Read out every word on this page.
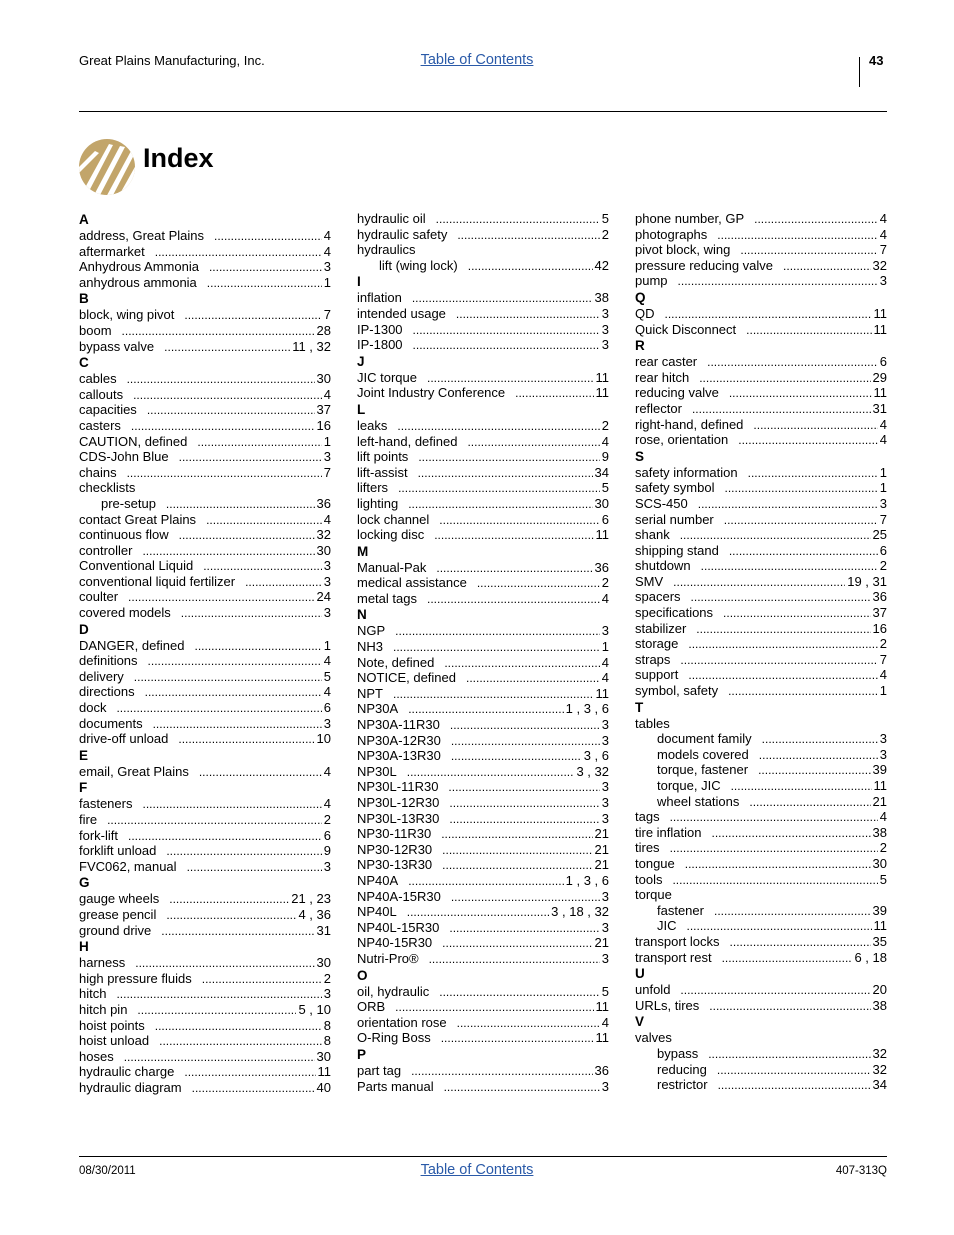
Great Plains Manufacturing, Inc.	Table of Contents	43
Index
A
address, Great Plains .....	4
aftermarket .....	4
Anhydrous Ammonia .....	3
anhydrous ammonia .....	1
B
block, wing pivot .....	7
boom .....	28
bypass valve .....	11 , 32
C
cables .....	30
callouts .....	4
capacities .....	37
casters .....	16
CAUTION, defined .....	1
CDS-John Blue .....	3
chains .....	7
checklists
pre-setup .....	36
contact Great Plains .....	4
continuous flow .....	32
controller .....	30
Conventional Liquid .....	3
conventional liquid fertilizer .....	3
coulter .....	24
covered models .....	3
D
DANGER, defined .....	1
definitions .....	4
delivery .....	5
directions .....	4
dock .....	6
documents .....	3
drive-off unload .....	10
E
email, Great Plains .....	4
F
fasteners .....	4
fire .....	2
fork-lift .....	6
forklift unload .....	9
FVC062, manual .....	3
G
gauge wheels .....	21 , 23
grease pencil .....	4 , 36
ground drive .....	31
H
harness .....	30
high pressure fluids .....	2
hitch .....	3
hitch pin .....	5 , 10
hoist points .....	8
hoist unload .....	8
hoses .....	30
hydraulic charge .....	11
hydraulic diagram .....	40
hydraulic oil .....	5
hydraulic safety .....	2
hydraulics
lift (wing lock) .....	42
I
inflation .....	38
intended usage .....	3
IP-1300 .....	3
IP-1800 .....	3
J
JIC torque .....	11
Joint Industry Conference .....	11
L
leaks .....	2
left-hand, defined .....	4
lift points .....	9
lift-assist .....	34
lifters .....	5
lighting .....	30
lock channel .....	6
locking disc .....	11
M
Manual-Pak .....	36
medical assistance .....	2
metal tags .....	4
N
NGP .....	3
NH3 .....	1
Note, defined .....	4
NOTICE, defined .....	4
NPT .....	11
NP30A .....	1 , 3 , 6
NP30A-11R30 .....	3
NP30A-12R30 .....	3
NP30A-13R30 .....	3 , 6
NP30L .....	3 , 32
NP30L-11R30 .....	3
NP30L-12R30 .....	3
NP30L-13R30 .....	3
NP30-11R30 .....	21
NP30-12R30 .....	21
NP30-13R30 .....	21
NP40A .....	1 , 3 , 6
NP40A-15R30 .....	3
NP40L .....	3 , 18 , 32
NP40L-15R30 .....	3
NP40-15R30 .....	21
Nutri-Pro® .....	3
O
oil, hydraulic .....	5
ORB .....	11
orientation rose .....	4
O-Ring Boss .....	11
P
part tag .....	36
Parts manual .....	3
phone number, GP .....	4
photographs .....	4
pivot block, wing .....	7
pressure reducing valve .....	32
pump .....	3
Q
QD .....	11
Quick Disconnect .....	11
R
rear caster .....	6
rear hitch .....	29
reducing valve .....	11
reflector .....	31
right-hand, defined .....	4
rose, orientation .....	4
S
safety information .....	1
safety symbol .....	1
SCS-450 .....	3
serial number .....	7
shank .....	25
shipping stand .....	6
shutdown .....	2
SMV .....	19 , 31
spacers .....	36
specifications .....	37
stabilizer .....	16
storage .....	2
straps .....	7
support .....	4
symbol, safety .....	1
T
tables
document family .....	3
models covered .....	3
torque, fastener .....	39
torque, JIC .....	11
wheel stations .....	21
tags .....	4
tire inflation .....	38
tires .....	2
tongue .....	30
tools .....	5
torque
fastener .....	39
JIC .....	11
transport locks .....	35
transport rest .....	6 , 18
U
unfold .....	20
URLs, tires .....	38
V
valves
bypass .....	32
reducing .....	32
restrictor .....	34
08/30/2011	Table of Contents	407-313Q
